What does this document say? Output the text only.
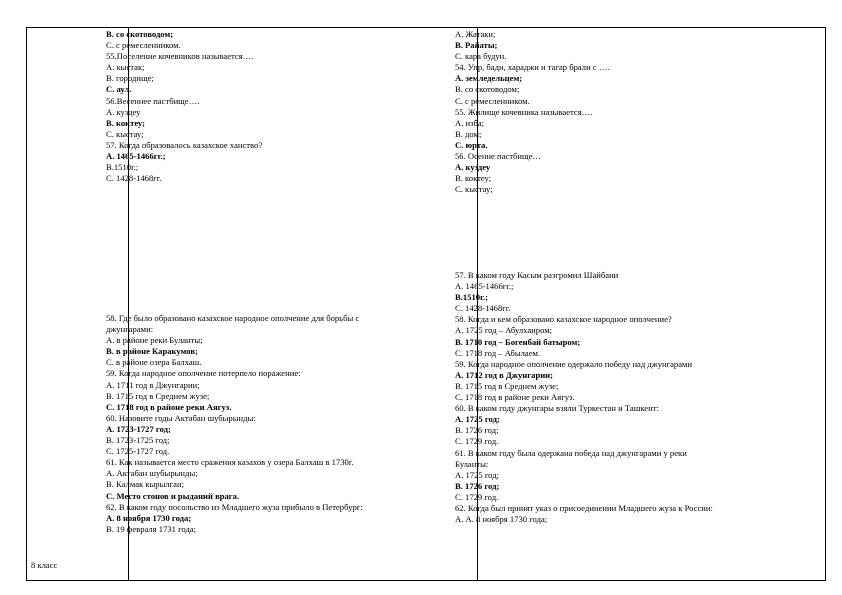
8 класс
В. со скотоводом;
С. с ремесленником.
55.Поселение кочевников называется….
А. кыстак;
В. городище;
С. аул.
56.Весеннее пастбище….
А. куздеу
В. коктеу;
С. кыстау;
57. Когда образовалось казахское ханство?
А. 1465-1466гг.;
В.1510г.;
С. 1428-1468гг.
58. Где было образовано казахское народное ополчение для борьбы с
джунгарами:
А. в районе реки Буланты;
В. в районе Каракумов;
С. в районе озера Балхаш.
59. Когда народное ополчение потерпело поражение:
А. 1711 год в Джунгарии;
В. 1715 год в Среднем жузе;
С. 1718 год в районе реки Аягуз.
60. Назовите годы Актабан шубырынды:
А. 1723-1727 год;
В. 1723-1725 год;
С. 1725-1727 год.
61. Как называется место сражения казахов у озера Балхаш в 1730г.
А. Актабан шубырынды;
В. Калмак кырылган;
С. Место стонов и рыданий врага.
62. В каком году посольство из Младшего жуза прибыло в Петербург:
А. 8 ноября 1730 года;
В. 19 февраля 1731 года;
А. Жатаки;
В. Райаты;
С. кара будун.
54. Упр, бади, хараджи и тагар брали с ….
А. земледельцем;
В. со скотоводом;
С. с ремесленником.
55. Жилище кочевника называется….
А. изба;
В. дом;
С. юрта.
56. Осенне пастбище…
А. куздеу
В. коктеу;
С. кыстау;
57. В каком году Касым разгромил Шайбани
А. 1465-1466гг.;
В.1510г.;
С. 1428-1468гг.
58. Когда и кем образовано казахское народное ополчение?
А. 1725 год – Абулхаиром;
В. 1710 год – Богенбай батыром;
С. 1718 год – Абылаем.
59. Когда народное ополчение одержало победу над джунгарами
А. 1712 год в Джунгарии;
В. 1715 год в Среднем жузе;
С. 1718 год в районе реки Аягуз.
60. В каком году джунгары взяли Туркестан и Ташкент:
А. 1725 год;
В. 1726 год;
С. 1729 год.
61. В каком году была одержана победа над джунгарами у реки
Буланты:
А. 1725 год;
В. 1726 год;
С. 1729 год.
62. Когда был принят указ о присоединении Младшего жуза к России:
А. А. 8 ноября 1730 года;
